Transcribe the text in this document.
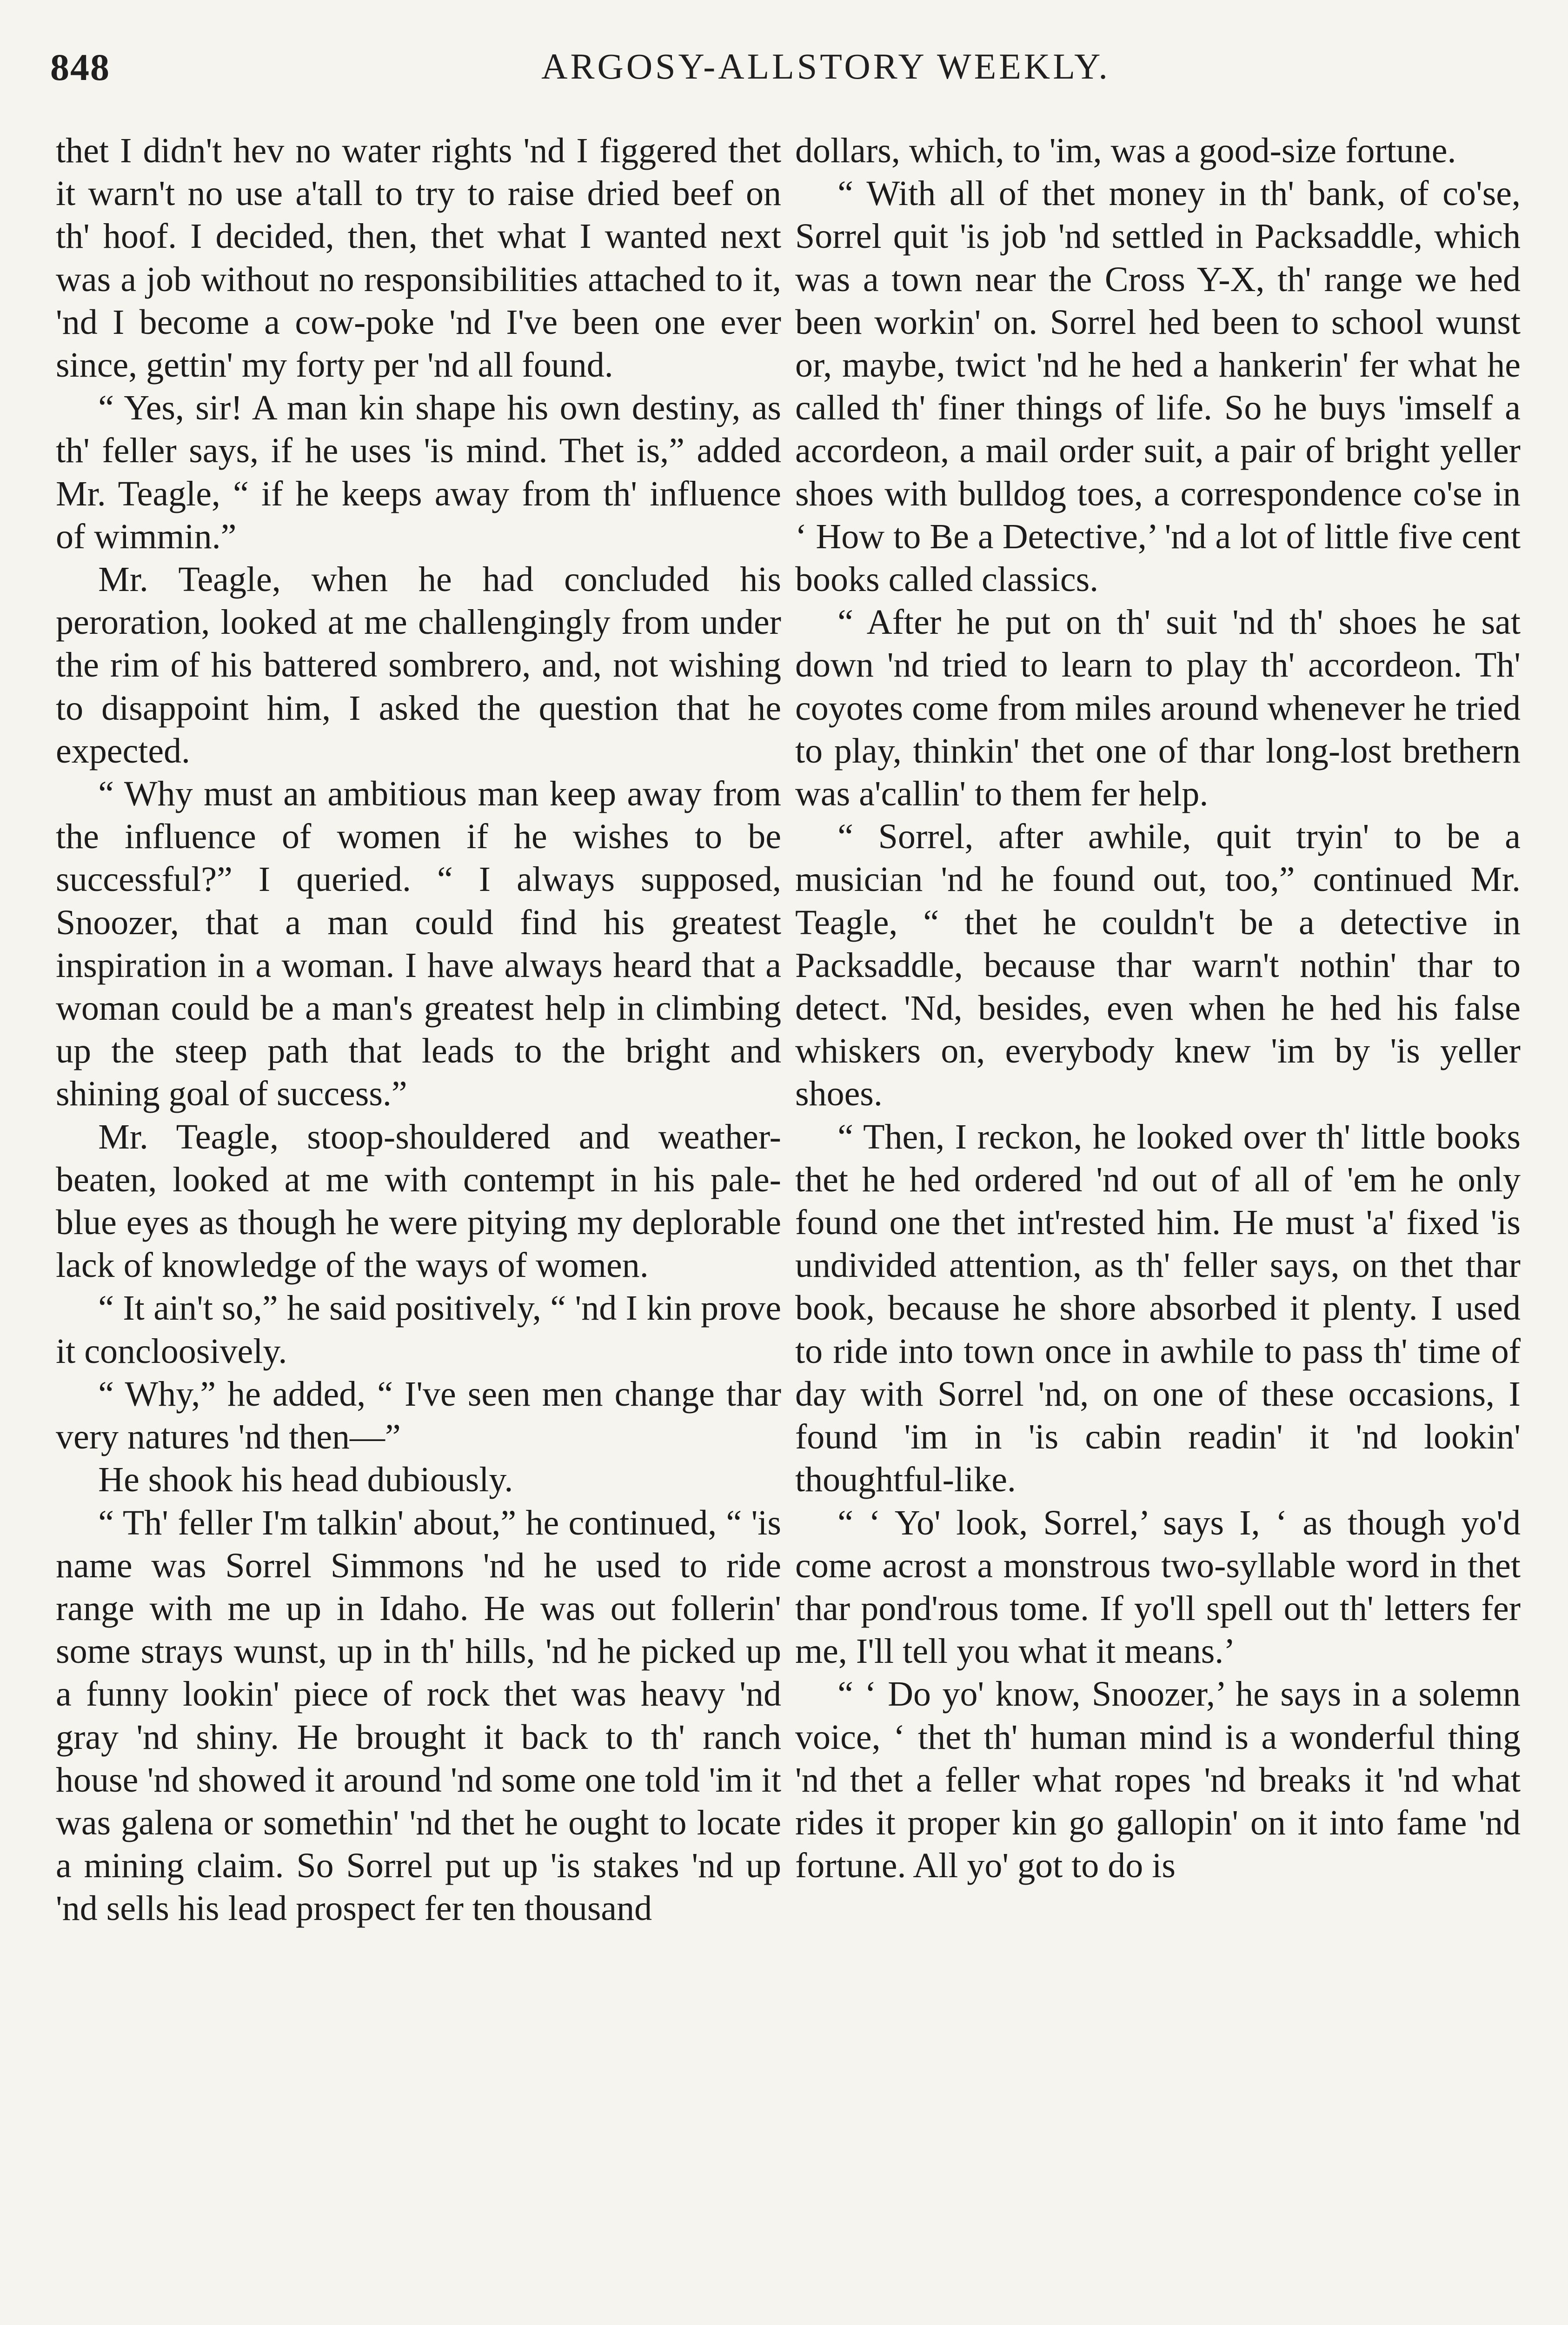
848	ARGOSY-ALLSTORY WEEKLY.

thet I didn't hev no water rights 'nd I figgered thet it warn't no use a'tall to try to raise dried beef on th' hoof. I decided, then, thet what I wanted next was a job without no responsibilities attached to it, 'nd I become a cow-poke 'nd I've been one ever since, gettin' my forty per 'nd all found.

“ Yes, sir! A man kin shape his own destiny, as th' feller says, if he uses 'is mind. Thet is,” added Mr. Teagle, “ if he keeps away from th' influence of wimmin.”

Mr. Teagle, when he had concluded his peroration, looked at me challengingly from under the rim of his battered sombrero, and, not wishing to disappoint him, I asked the question that he expected.

“ Why must an ambitious man keep away from the influence of women if he wishes to be successful?” I queried. “ I always supposed, Snoozer, that a man could find his greatest inspiration in a woman. I have always heard that a woman could be a man's greatest help in climbing up the steep path that leads to the bright and shining goal of success.”

Mr. Teagle, stoop-shouldered and weather-beaten, looked at me with contempt in his pale-blue eyes as though he were pitying my deplorable lack of knowledge of the ways of women.

“ It ain't so,” he said positively, “ 'nd I kin prove it concloosively.

“ Why,” he added, “ I've seen men change thar very natures 'nd then—”

He shook his head dubiously.

“ Th' feller I'm talkin' about,” he continued, “ 'is name was Sorrel Simmons 'nd he used to ride range with me up in Idaho. He was out follerin' some strays wunst, up in th' hills, 'nd he picked up a funny lookin' piece of rock thet was heavy 'nd gray 'nd shiny. He brought it back to th' ranch house 'nd showed it around 'nd some one told 'im it was galena or somethin' 'nd thet he ought to locate a mining claim. So Sorrel put up 'is stakes 'nd up 'nd sells his lead prospect fer ten thousand

dollars, which, to 'im, was a good-size fortune.

“ With all of thet money in th' bank, of co'se, Sorrel quit 'is job 'nd settled in Packsaddle, which was a town near the Cross Y-X, th' range we hed been workin' on. Sorrel hed been to school wunst or, maybe, twict 'nd he hed a hankerin' fer what he called th' finer things of life. So he buys 'imself a accordeon, a mail order suit, a pair of bright yeller shoes with bulldog toes, a correspondence co'se in ‘ How to Be a Detective,’ 'nd a lot of little five cent books called classics.

“ After he put on th' suit 'nd th' shoes he sat down 'nd tried to learn to play th' accordeon. Th' coyotes come from miles around whenever he tried to play, thinkin' thet one of thar long-lost brethern was a'callin' to them fer help.

“ Sorrel, after awhile, quit tryin' to be a musician 'nd he found out, too,” continued Mr. Teagle, “ thet he couldn't be a detective in Packsaddle, because thar warn't nothin' thar to detect. 'Nd, besides, even when he hed his false whiskers on, everybody knew 'im by 'is yeller shoes.

“ Then, I reckon, he looked over th' little books thet he hed ordered 'nd out of all of 'em he only found one thet int'rested him. He must 'a' fixed 'is undivided attention, as th' feller says, on thet thar book, because he shore absorbed it plenty. I used to ride into town once in awhile to pass th' time of day with Sorrel 'nd, on one of these occasions, I found 'im in 'is cabin readin' it 'nd lookin' thoughtful-like.

“ ‘ Yo' look, Sorrel,’ says I, ‘ as though yo'd come acrost a monstrous two-syllable word in thet thar pond'rous tome. If yo'll spell out th' letters fer me, I'll tell you what it means.’

“ ‘ Do yo' know, Snoozer,’ he says in a solemn voice, ‘ thet th' human mind is a wonderful thing 'nd thet a feller what ropes 'nd breaks it 'nd what rides it proper kin go gallopin' on it into fame 'nd fortune. All yo' got to do is
